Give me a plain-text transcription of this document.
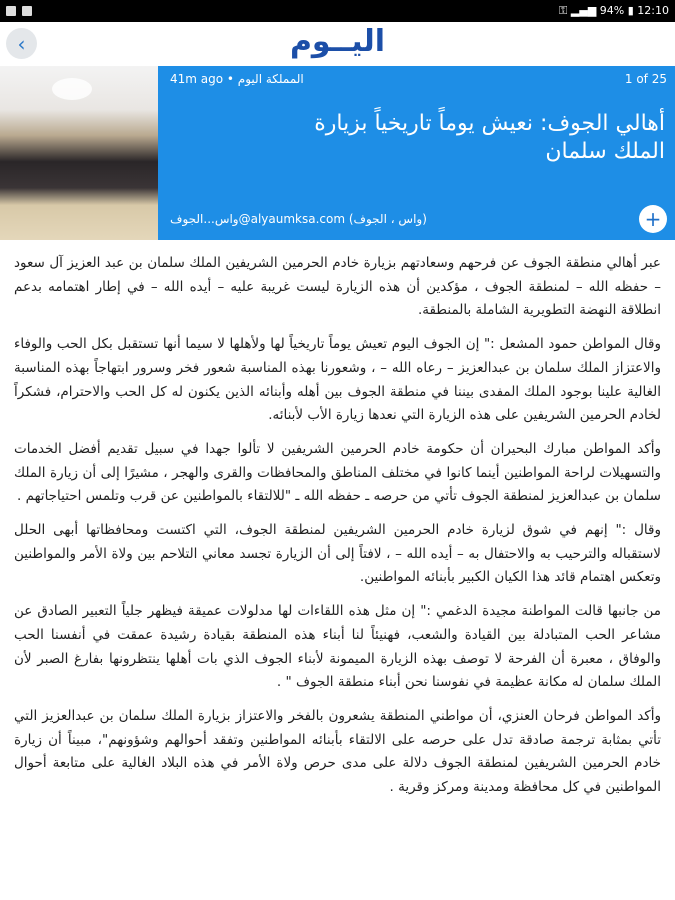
⚿ ▂▄▆ 94% ▮ 12:10
‹	اليــوم
41m ago • المملكة اليوم	1 of 25
أهالي الجوف: نعيش يوماً تاريخياً بزيارة الملك سلمان
واس...الجوف@alyaumksa.com (واس ، الجوف)	+

عبر أهالي منطقة الجوف عن فرحهم وسعادتهم بزيارة خادم الحرمين الشريفين الملك سلمان بن عبد العزيز آل سعود – حفظه الله – لمنطقة الجوف ، مؤكدين أن هذه الزيارة ليست غريبة عليه – أيده الله – في إطار اهتمامه بدعم انطلاقة النهضة التطويرية الشاملة بالمنطقة.

وقال المواطن حمود المشعل :" إن الجوف اليوم تعيش يوماً تاريخياً لها ولأهلها لا سيما أنها تستقبل بكل الحب والوفاء والاعتزاز الملك سلمان بن عبدالعزيز – رعاه الله – ، وشعورنا بهذه المناسبة شعور فخر وسرور ابتهاجاً بهذه المناسبة الغالية علينا بوجود الملك المفدى بيننا في منطقة الجوف بين أهله وأبنائه الذين يكنون له كل الحب والاحترام، فشكراً لخادم الحرمين الشريفين على هذه الزيارة التي نعدها زيارة الأب لأبنائه.

وأكد المواطن مبارك البحيران أن حكومة خادم الحرمين الشريفين لا تألوا جهدا في سبيل تقديم أفضل الخدمات والتسهيلات لراحة المواطنين أينما كانوا في مختلف المناطق والمحافظات والقرى والهجر ، مشيرًا إلى أن زيارة الملك سلمان بن عبدالعزيز لمنطقة الجوف تأتي من حرصه ـ حفظه الله ـ "للالتقاء بالمواطنين عن قرب وتلمس احتياجاتهم .

وقال :" إنهم في شوق لزيارة خادم الحرمين الشريفين لمنطقة الجوف، التي اكتست ومحافظاتها أبهى الحلل لاستقباله والترحيب به والاحتفال به – أيده الله – ، لافتاً إلى أن الزيارة تجسد معاني التلاحم بين ولاة الأمر والمواطنين وتعكس اهتمام قائد هذا الكيان الكبير بأبنائه المواطنين.

من جانبها قالت المواطنة مجيدة الدغمي :" إن مثل هذه اللقاءات لها مدلولات عميقة فيظهر جلياً التعبير الصادق عن مشاعر الحب المتبادلة بين القيادة والشعب، فهنيئاً لنا أبناء هذه المنطقة بقيادة رشيدة عمقت في أنفسنا الحب والوفاق ، معبرة أن الفرحة لا توصف بهذه الزيارة الميمونة لأبناء الجوف الذي بات أهلها ينتظرونها بفارغ الصبر لأن الملك سلمان له مكانة عظيمة في نفوسنا نحن أبناء منطقة الجوف " .

وأكد المواطن فرحان العنزي، أن مواطني المنطقة يشعرون بالفخر والاعتزاز بزيارة الملك سلمان بن عبدالعزيز التي تأتي بمثابة ترجمة صادقة تدل على حرصه على الالتقاء بأبنائه المواطنين وتفقد أحوالهم وشؤونهم"، مبيناً أن زيارة خادم الحرمين الشريفين لمنطقة الجوف دلالة على مدى حرص ولاة الأمر في هذه البلاد الغالية على متابعة أحوال المواطنين في كل محافظة ومدينة ومركز وقرية .
